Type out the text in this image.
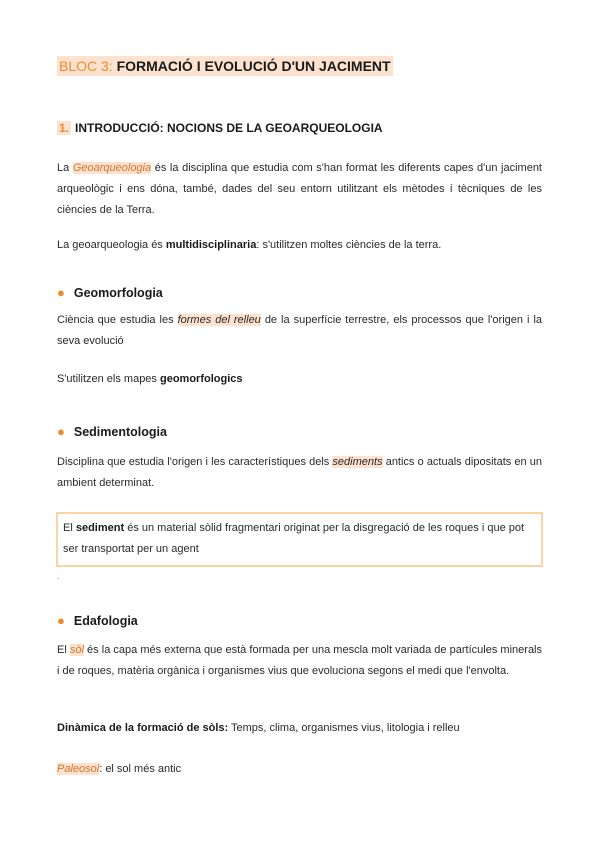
BLOC 3: FORMACIÓ I EVOLUCIÓ D'UN JACIMENT
1. INTRODUCCIÓ: NOCIONS DE LA GEOARQUEOLOGIA
La Geoarqueologia és la disciplina que estudia com s'han format les diferents capes d'un jaciment arqueològic i ens dóna, també, dades del seu entorn utilitzant els mètodes i tècniques de les ciències de la Terra.
La geoarqueologia és multidisciplinaria: s'utilitzen moltes ciències de la terra.
● Geomorfologia
Ciència que estudia les formes del relleu de la superfície terrestre, els processos que l'origen i la seva evolució
S'utilitzen els mapes geomorfologics
● Sedimentologia
Disciplina que estudia l'origen i les característiques dels sediments antics o actuals dipositats en un ambient determinat.
El sediment és un material sòlid fragmentari originat per la disgregació de les roques i que pot ser transportat per un agent
.
● Edafologia
El sòl és la capa més externa que està formada per una mescla molt variada de partícules minerals i de roques, matèria orgànica i organismes vius que evoluciona segons el medi que l'envolta.
Dinàmica de la formació de sòls: Temps, clima, organismes vius, litologia i relleu
Paleosol: el sol més antic
